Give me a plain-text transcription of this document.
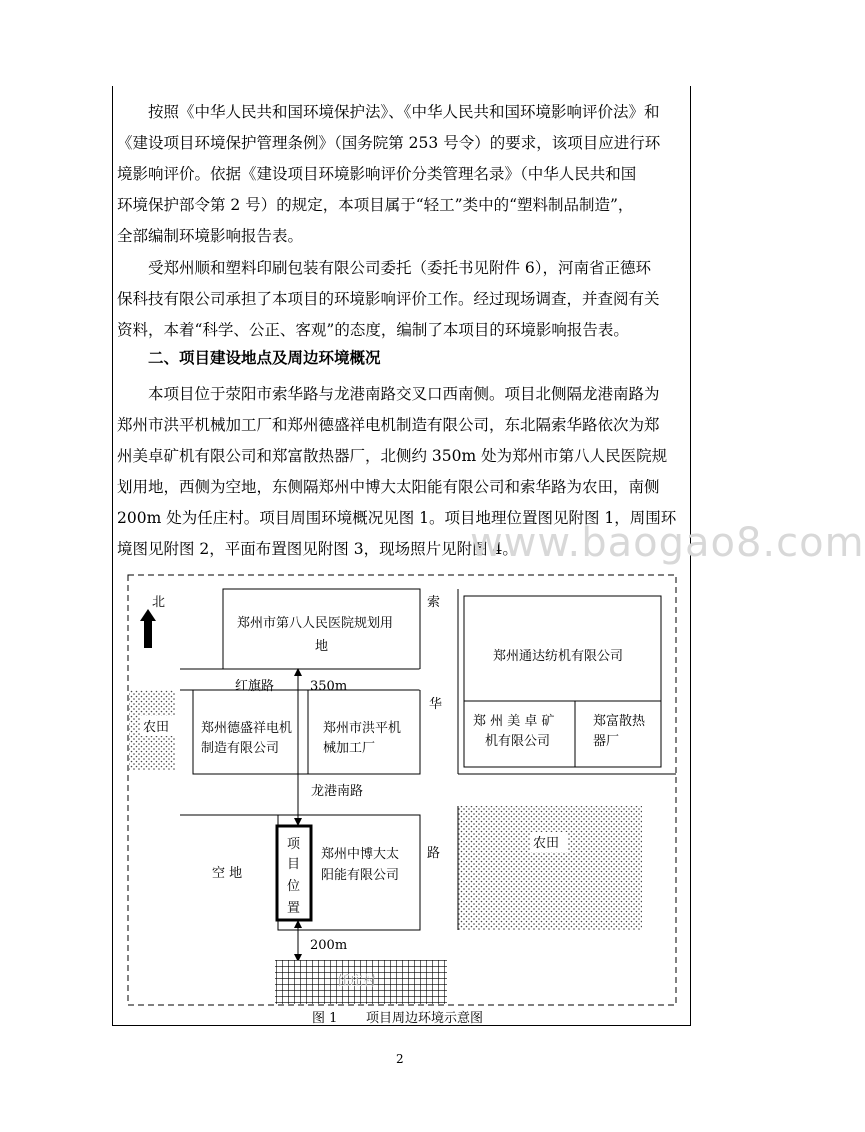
按照《中华人民共和国环境保护法》、《中华人民共和国环境影响评价法》和
《建设项目环境保护管理条例》（国务院第 253 号令）的要求，该项目应进行环
境影响评价。依据《建设项目环境影响评价分类管理名录》（中华人民共和国
环境保护部令第 2 号）的规定，本项目属于“轻工”类中的“塑料制品制造”，
全部编制环境影响报告表。
受郑州顺和塑料印刷包装有限公司委托（委托书见附件 6），河南省正德环
保科技有限公司承担了本项目的环境影响评价工作。经过现场调查，并查阅有关
资料，本着“科学、公正、客观”的态度，编制了本项目的环境影响报告表。
二、项目建设地点及周边环境概况
本项目位于荥阳市索华路与龙港南路交叉口西南侧。项目北侧隔龙港南路为
郑州市洪平机械加工厂和郑州德盛祥电机制造有限公司，东北隔索华路依次为郑
州美卓矿机有限公司和郑富散热器厂，北侧约 350m 处为郑州市第八人民医院规
划用地，西侧为空地，东侧隔郑州中博大太阳能有限公司和索华路为农田，南侧
200m 处为任庄村。项目周围环境概况见图 1。项目地理位置图见附图 1，周围环
境图见附图 2，平面布置图见附图 3，现场照片见附图 4。
www.baogao8.com
北
郑州市第八人民医院规划用
地
红旗路	350m
农田 郑州德盛祥电机
制造有限公司
郑州市洪平机
械加工厂
龙港南路
项
目
位
置
郑州中博大太
阳能有限公司
空 地
200m
任庄村
索
华
路
郑州通达纺机有限公司
郑 州 美 卓 矿
机有限公司
郑富散热
器厂
农田
图 1 项目周边环境示意图
2
